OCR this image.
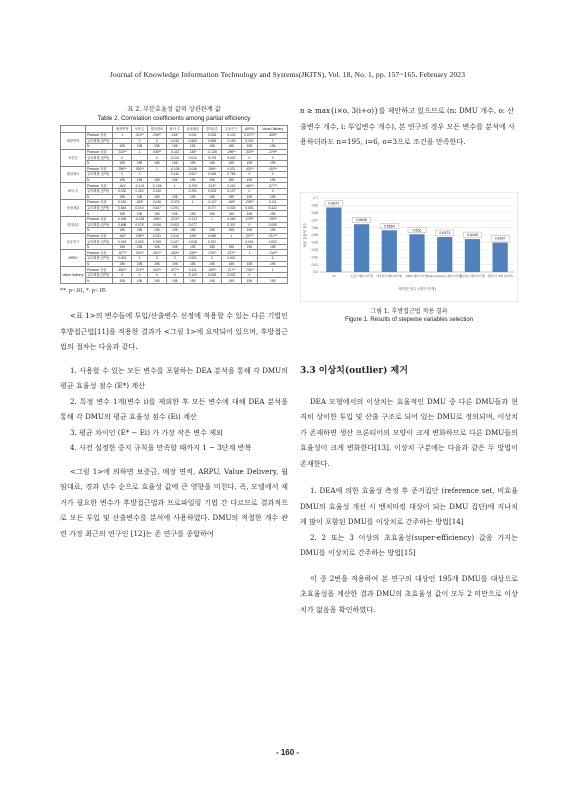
Journal of Knowledge Information Technology and Systems(JKITS), Vol. 18, No. 1, pp. 157~165, February 2023
표 2. 부분효율성 값의 상관관계 값
Table 2. Correlation coefficients among partial efficiency
		매장면적	보증금	월임대료	좌석 수	상권매출	경과년수	유동인구	ARPU	Value Delivery
매장면적	Pearson 상관	1	.313**	.296**	.154*	0.031	0.028	0.103	0.227**	.406**
	유의확률 (양측)		0	0	0.032	0.663	0.698	0.153	0.001	0
	N	195	195	195	195	195	195	195	195	195
보증금	Pearson 상관	.313**	1	.930**	-0.113	.183*	-0.128	.296**	.303**	.279**
	유의확률 (양측)	0		0	0.115	0.010	0.075	0.000	0	0
	N	195	195	195	195	195	195	195	195	195
월임대료	Pearson 상관	.296**	.930**	1	-0.106	0.046	.196**	0.021	.401**	.402**
	유의확률 (양측)	0	0		0.140	0.527	0.006	0.769	0	0
	N	195	195	195	195	195	195	195	195	195
좌석 수	Pearson 상관	.154*	-0.113	-0.106	1	-0.076	.213**	0.110	.463**	.377**
	유의확률 (양측)	0.032	0.115	0.140		0.291	0.003	0.127	0	0
	N	195	195	195	195	195	195	195	195	195
상권매출	Pearson 상관	0.031	.183*	0.046	-0.076	1	-0.127	.169*	.228**	0.111
	유의확률 (양측)	0.663	0.010	0.527	0.291		0.077	0.018	0.001	0.122
	N	195	195	195	195	195	195	195	195	195
경과년수	Pearson 상관	0.028	-0.128	.196**	.213**	-0.127	1	0.069	.275**	.199**
	유의확률 (양측)	0.698	0.075	0.006	0.003	0.077		0.337	0	0.005
	N	195	195	195	195	195	195	195	195	195
유동인구	Pearson 상관	.162*	.296**	0.021	0.110	.169*	0.069	1	.227**	.217**
	유의확률 (양측)	0.024	0.000	0.769	0.127	0.018	0.337		0.001	0.002
	N	195	195	195	195	195	195	195	195	195
ARPU	Pearson 상관	.227**	.303**	.401**	.463**	.228**	.275**	.227**	1	.734**
	유의확률 (양측)	0.001	0	0	0	0.001	0	0.001		0
	N	195	195	195	195	195	195	195	195	195
Value Delivery	Pearson 상관	.406**	.279**	.402**	.377**	0.111	.199**	.217**	.734**	1
	유의확률 (양측)	0	0	0	0	0.122	0.005	0.002	0	
	N	195	195	195	195	195	195	195	195	195
**. p<.01, *. p<.05

<표 1>의 변수들에 투입/산출변수 선정에 적용할 수 있는 다른 기법인 후방접근법[11]을 적용한 결과가 <그림 1>에 요약되어 있으며, 후방접근법의 절차는 다음과 같다.

1. 사용할 수 있는 모든 변수를 포함하는 DEA 분석을 통해 각 DMU의 평균 효율성 점수 (E*) 계산

2. 특정 변수 1개(변수 i)를 제외한 후 모든 변수에 대해 DEA 분석을 통해 각 DMU의 평균 효율성 점수 (Ei) 계산

3. 평균 차이인 (E* − Ei) 가 가장 작은 변수 제외

4. 사전 설정한 중지 규칙을 만족할 때까지 1 ~ 3단계 반복

<그림 1>에 의하면 보증금, 매장 면적, ARPU, Value Delivery, 월 임대료, 경과 년수 순으로 효율성 값에 큰 영향을 미친다. 즉, 모델에서 제거가 필요한 변수가 후방접근법과 프로파일링 기법 간 다르므로 결과적으로 모든 투입 및 산출변수를 분석에 사용하였다. DMU의 적절한 개수 관련 가장 최근의 연구인 [12]는 존 연구를 종합하여

n ≥ max{i×o, 3(i+o)}를 제안하고 있으므로 (n: DMU 개수, o: 산출변수 개수, i: 투입변수 개수), 본 연구의 경우 모든 변수를 분석에 사용하더라도 n=195, i=6, o=3으로 조건을 만족한다.

0.6
0.61
0.62
0.63
0.64
0.65
0.66
0.67
0.68
0.69
0.7
0.6871
All
0.6646
보증금 제외 (1단계)
0.6564
매장면적 제외 (2단계)
0.651
ARPU 제외 (3단계)
0.6473
Value Delivery 제외 (4단계)
0.6445
월임대료 제외 (5단계)
0.6397
경과년수 제외 (6단계)
평균 효율성 점수
제거된 변수 (제거 단계)
그림 1. 후방접근법 적용 결과
Figure 1. Results of stepwise variables selection
3.3 이상치(outlier) 제거

DEA 모형에서의 이상치는 효율적인 DMU 중 다른 DMU들과 현격히 상이한 투입 및 산출 구조로 되어 있는 DMU로 정의되며, 이상치가 존재하면 생산 프론티어의 모양이 크게 변화하므로 다른 DMU들의 효율성이 크게 변화한다[13]. 이상치 구분에는 다음과 같은 두 방법이 존재한다.

1. DEA에 의한 효율성 측정 후 준거집단 (reference set, 비효율 DMU의 효율성 개선 시 벤치마킹 대상이 되는 DMU 집단)에 지나치게 많이 포함된 DMU를 이상치로 간주하는 방법[14]

2. 2 또는 3 이상의 초효율성(super-efficiency) 값을 가지는 DMU를 이상치로 간주하는 방법[15]

이 중 2번을 적용하여 본 연구의 대상인 195개 DMU를 대상으로 초효율성을 계산한 결과 DMU의 초효율성 값이 모두 2 미만으로 이상치가 없음을 확인하였다.

- 160 -
